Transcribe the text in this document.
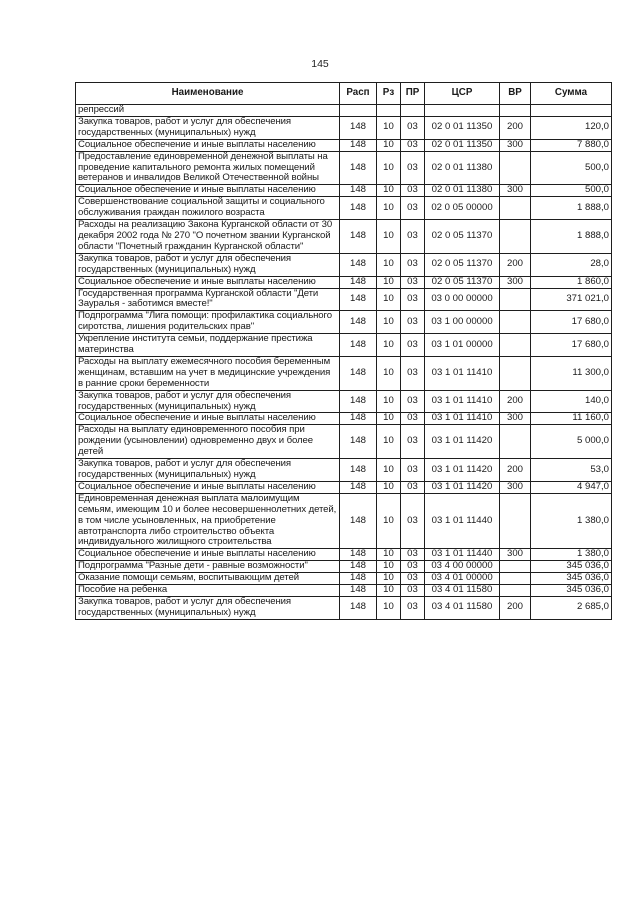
145
Наименование	Расп	Рз	ПР	ЦСР	ВР	Сумма
репрессий						
Закупка товаров, работ и услуг для обеспечения государственных (муниципальных) нужд	148	10	03	02 0 01 11350	200	120,0
Социальное обеспечение и иные выплаты населению	148	10	03	02 0 01 11350	300	7 880,0
Предоставление единовременной денежной выплаты на проведение капитального ремонта жилых помещений ветеранов и инвалидов Великой Отечественной войны	148	10	03	02 0 01 11380		500,0
Социальное обеспечение и иные выплаты населению	148	10	03	02 0 01 11380	300	500,0
Совершенствование социальной защиты и социального обслуживания граждан пожилого возраста	148	10	03	02 0 05 00000		1 888,0
Расходы на реализацию Закона Курганской области от 30 декабря 2002 года № 270 "О почетном звании Курганской области "Почетный гражданин Курганской области"	148	10	03	02 0 05 11370		1 888,0
Закупка товаров, работ и услуг для обеспечения государственных (муниципальных) нужд	148	10	03	02 0 05 11370	200	28,0
Социальное обеспечение и иные выплаты населению	148	10	03	02 0 05 11370	300	1 860,0
Государственная программа Курганской области "Дети Зауралья - заботимся вместе!"	148	10	03	03 0 00 00000		371 021,0
Подпрограмма "Лига помощи: профилактика социального сиротства, лишения родительских прав"	148	10	03	03 1 00 00000		17 680,0
Укрепление института семьи, поддержание престижа материнства	148	10	03	03 1 01 00000		17 680,0
Расходы на выплату ежемесячного пособия беременным женщинам, вставшим на учет в медицинские учреждения в ранние сроки беременности	148	10	03	03 1 01 11410		11 300,0
Закупка товаров, работ и услуг для обеспечения государственных (муниципальных) нужд	148	10	03	03 1 01 11410	200	140,0
Социальное обеспечение и иные выплаты населению	148	10	03	03 1 01 11410	300	11 160,0
Расходы на выплату единовременного пособия при рождении (усыновлении) одновременно двух и более детей	148	10	03	03 1 01 11420		5 000,0
Закупка товаров, работ и услуг для обеспечения государственных (муниципальных) нужд	148	10	03	03 1 01 11420	200	53,0
Социальное обеспечение и иные выплаты населению	148	10	03	03 1 01 11420	300	4 947,0
Единовременная денежная выплата малоимущим семьям, имеющим 10 и более несовершеннолетних детей, в том числе усыновленных, на приобретение автотранспорта либо строительство объекта индивидуального жилищного строительства	148	10	03	03 1 01 11440		1 380,0
Социальное обеспечение и иные выплаты населению	148	10	03	03 1 01 11440	300	1 380,0
Подпрограмма "Разные дети - равные возможности"	148	10	03	03 4 00 00000		345 036,0
Оказание помощи семьям, воспитывающим детей	148	10	03	03 4 01 00000		345 036,0
Пособие на ребенка	148	10	03	03 4 01 11580		345 036,0
Закупка товаров, работ и услуг для обеспечения государственных (муниципальных) нужд	148	10	03	03 4 01 11580	200	2 685,0
